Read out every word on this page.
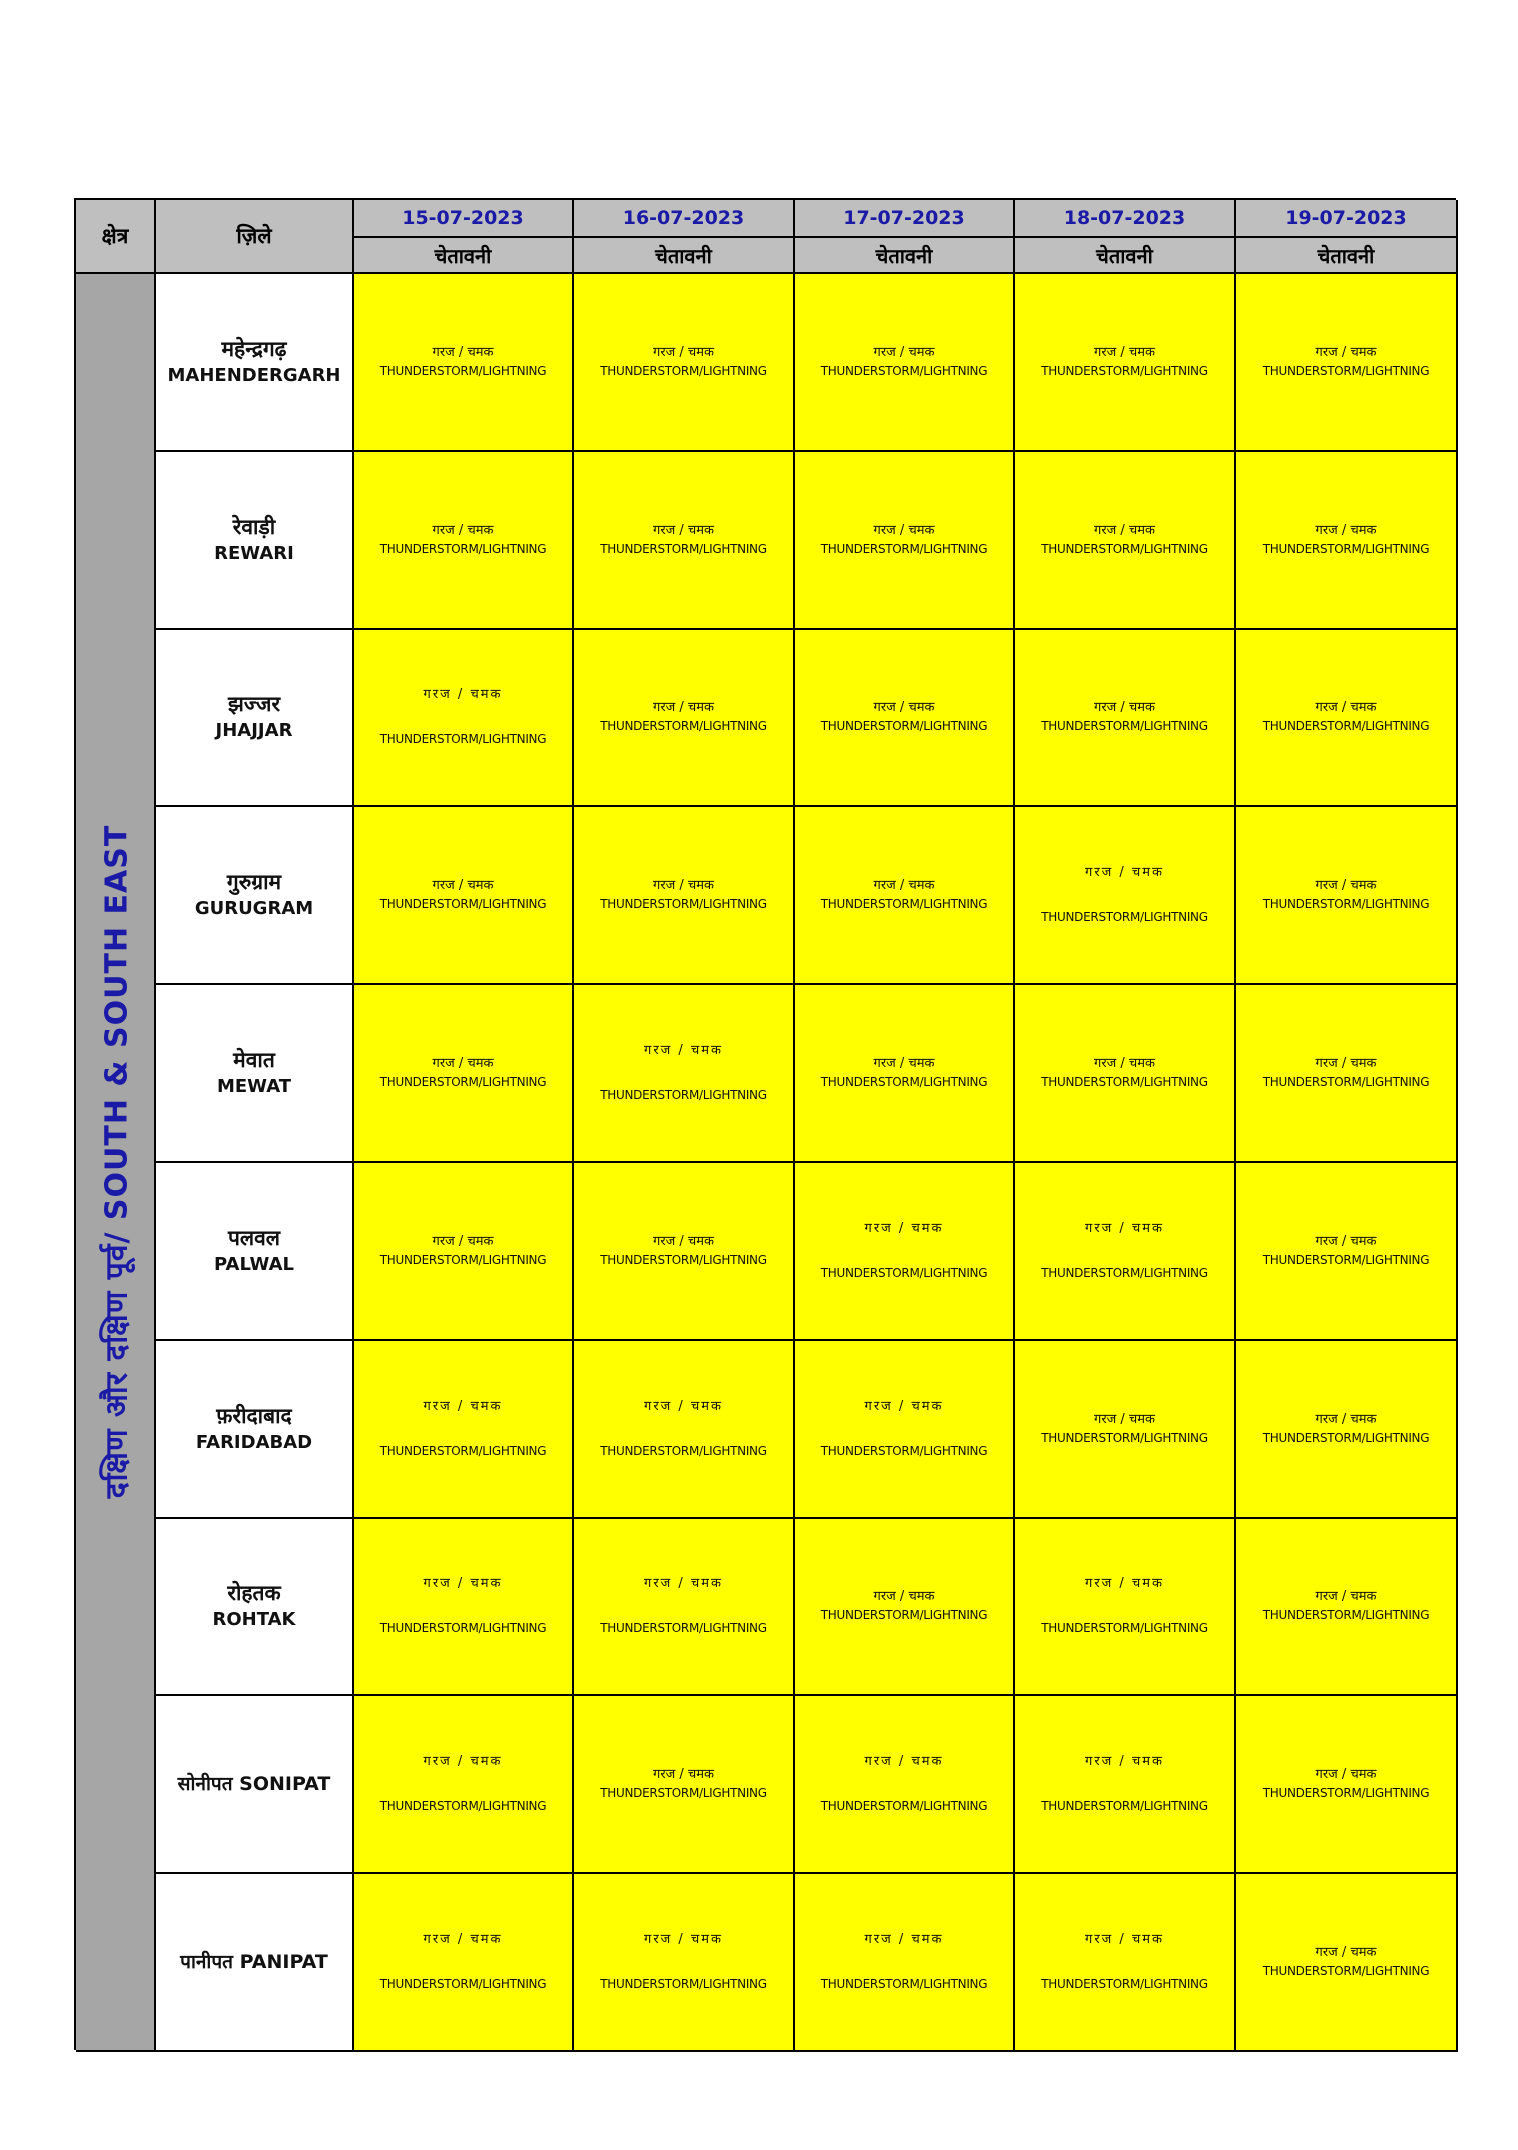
क्षेत्र	ज़िले
15-07-2023
चेतावनी
16-07-2023
चेतावनी
17-07-2023
चेतावनी
18-07-2023
चेतावनी
19-07-2023
चेतावनी
दक्षिण और दक्षिण पूर्व/ SOUTH & SOUTH EAST
महेन्द्रगढ़
MAHENDERGARH
गरज / चमक
THUNDERSTORM/LIGHTNING
गरज / चमक
THUNDERSTORM/LIGHTNING
गरज / चमक
THUNDERSTORM/LIGHTNING
गरज / चमक
THUNDERSTORM/LIGHTNING
गरज / चमक
THUNDERSTORM/LIGHTNING
रेवाड़ी
REWARI
गरज / चमक
THUNDERSTORM/LIGHTNING
गरज / चमक
THUNDERSTORM/LIGHTNING
गरज / चमक
THUNDERSTORM/LIGHTNING
गरज / चमक
THUNDERSTORM/LIGHTNING
गरज / चमक
THUNDERSTORM/LIGHTNING
झज्जर
JHAJJAR
गरज / चमक
THUNDERSTORM/LIGHTNING
गरज / चमक
THUNDERSTORM/LIGHTNING
गरज / चमक
THUNDERSTORM/LIGHTNING
गरज / चमक
THUNDERSTORM/LIGHTNING
गरज / चमक
THUNDERSTORM/LIGHTNING
गुरुग्राम
GURUGRAM
गरज / चमक
THUNDERSTORM/LIGHTNING
गरज / चमक
THUNDERSTORM/LIGHTNING
गरज / चमक
THUNDERSTORM/LIGHTNING
गरज / चमक
THUNDERSTORM/LIGHTNING
गरज / चमक
THUNDERSTORM/LIGHTNING
मेवात
MEWAT
गरज / चमक
THUNDERSTORM/LIGHTNING
गरज / चमक
THUNDERSTORM/LIGHTNING
गरज / चमक
THUNDERSTORM/LIGHTNING
गरज / चमक
THUNDERSTORM/LIGHTNING
गरज / चमक
THUNDERSTORM/LIGHTNING
पलवल
PALWAL
गरज / चमक
THUNDERSTORM/LIGHTNING
गरज / चमक
THUNDERSTORM/LIGHTNING
गरज / चमक
THUNDERSTORM/LIGHTNING
गरज / चमक
THUNDERSTORM/LIGHTNING
गरज / चमक
THUNDERSTORM/LIGHTNING
फ़रीदाबाद
FARIDABAD
गरज / चमक
THUNDERSTORM/LIGHTNING
गरज / चमक
THUNDERSTORM/LIGHTNING
गरज / चमक
THUNDERSTORM/LIGHTNING
गरज / चमक
THUNDERSTORM/LIGHTNING
गरज / चमक
THUNDERSTORM/LIGHTNING
रोहतक
ROHTAK
गरज / चमक
THUNDERSTORM/LIGHTNING
गरज / चमक
THUNDERSTORM/LIGHTNING
गरज / चमक
THUNDERSTORM/LIGHTNING
गरज / चमक
THUNDERSTORM/LIGHTNING
गरज / चमक
THUNDERSTORM/LIGHTNING
सोनीपत SONIPAT
गरज / चमक
THUNDERSTORM/LIGHTNING
गरज / चमक
THUNDERSTORM/LIGHTNING
गरज / चमक
THUNDERSTORM/LIGHTNING
गरज / चमक
THUNDERSTORM/LIGHTNING
गरज / चमक
THUNDERSTORM/LIGHTNING
पानीपत PANIPAT
गरज / चमक
THUNDERSTORM/LIGHTNING
गरज / चमक
THUNDERSTORM/LIGHTNING
गरज / चमक
THUNDERSTORM/LIGHTNING
गरज / चमक
THUNDERSTORM/LIGHTNING
गरज / चमक
THUNDERSTORM/LIGHTNING
